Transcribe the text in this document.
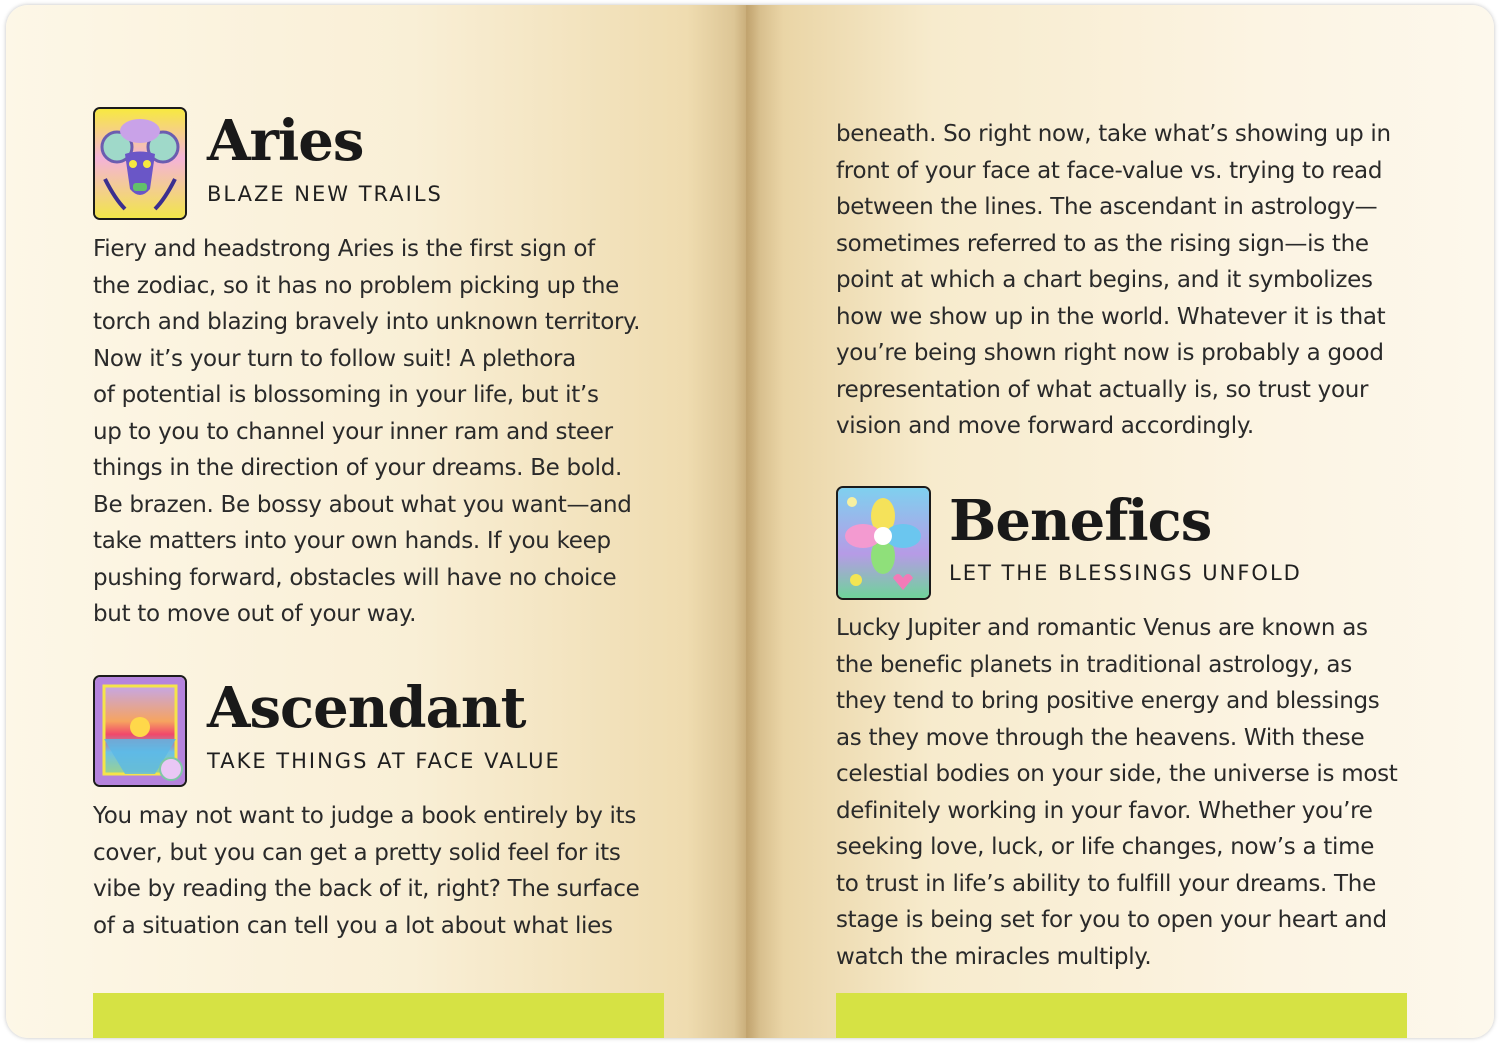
Aries

BLAZE NEW TRAILS

Fiery and headstrong Aries is the first sign of
the zodiac, so it has no problem picking up the
torch and blazing bravely into unknown territory.
Now it’s your turn to follow suit! A plethora
of potential is blossoming in your life, but it’s
up to you to channel your inner ram and steer
things in the direction of your dreams. Be bold.
Be brazen. Be bossy about what you want—and
take matters into your own hands. If you keep
pushing forward, obstacles will have no choice
but to move out of your way.

Ascendant

TAKE THINGS AT FACE VALUE

You may not want to judge a book entirely by its
cover, but you can get a pretty solid feel for its
vibe by reading the back of it, right? The surface
of a situation can tell you a lot about what lies

beneath. So right now, take what’s showing up in
front of your face at face-value vs. trying to read
between the lines. The ascendant in astrology—
sometimes referred to as the rising sign—is the
point at which a chart begins, and it symbolizes
how we show up in the world. Whatever it is that
you’re being shown right now is probably a good
representation of what actually is, so trust your
vision and move forward accordingly.

Benefics

LET THE BLESSINGS UNFOLD

Lucky Jupiter and romantic Venus are known as
the benefic planets in traditional astrology, as
they tend to bring positive energy and blessings
as they move through the heavens. With these
celestial bodies on your side, the universe is most
definitely working in your favor. Whether you’re
seeking love, luck, or life changes, now’s a time
to trust in life’s ability to fulfill your dreams. The
stage is being set for you to open your heart and
watch the miracles multiply.
